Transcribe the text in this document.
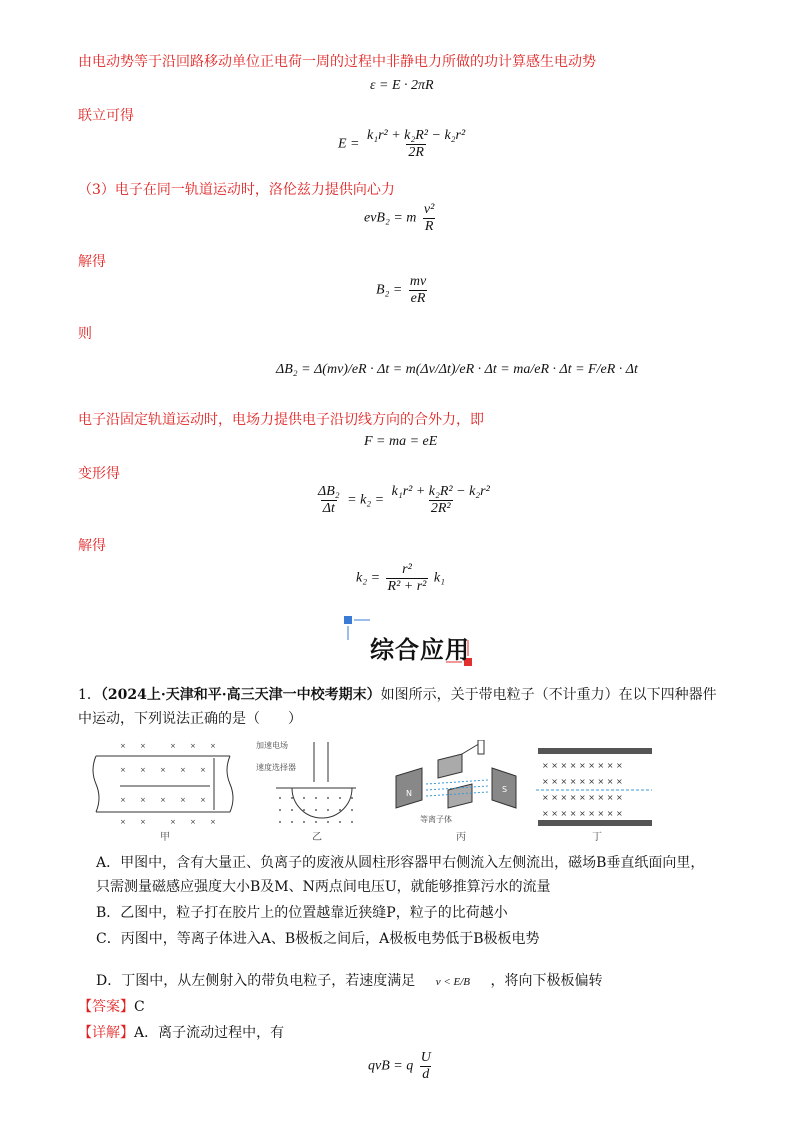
由电动势等于沿回路移动单位正电荷一周的过程中非静电力所做的功计算感生电动势
ε = E · 2πR
联立可得
$E = \frac{\text{k₁r² + k₂R² − k₂r²}}{2R}$
（3）电子在同一轨道运动时，洛伦兹力提供向心力
evB₂ = m $\frac{\text{v²}}{R}$
解得
$B_2 = \frac{mv}{eR}$
则
ΔB₂ = Δ(mv)/eR · Δt = m(Δv/Δt)/eR · Δt = ma/eR · Δt = F/eR · Δt
电子沿固定轨道运动时，电场力提供电子沿切线方向的合外力，即
F = ma = eE
变形得
$\frac{\text{ΔB₂}}{\Delta t} = k_2 = \frac{\text{k₁r² + k₂R² − k₂r²}}{\text{2R²}}$
解得
$k_2 = \frac{\text{r²}}{\text{R² + r²}} k_1$
综合应用
1．（2024上·天津和平·高三天津一中校考期末）如图所示，关于带电粒子（不计重力）在以下四种器件
中运动，下列说法正确的是（　　）
× ×	× × ×
× × × × ×
× × × × ×
× ×	× × ×
甲
加速电场
速度选择器
乙
N	S
等离子体
丙
× × × × × × × × ×
× × × × × × × × ×
× × × × × × × × ×
× × × × × × × × ×
丁
A．甲图中，含有大量正、负离子的废液从圆柱形容器甲右侧流入左侧流出，磁场B垂直纸面向里，
只需测量磁感应强度大小B及M、N两点间电压U，就能够推算污水的流量
B．乙图中，粒子打在胶片上的位置越靠近狭缝P，粒子的比荷越小
C．丙图中，等离子体进入A、B极板之间后，A极板电势低于B极板电势
D．丁图中，从左侧射入的带负电粒子，若速度满足 v < E/B ，将向下极板偏转
【答案】C
【详解】A．离子流动过程中，有
qvB = q $\frac{U}{d}$
